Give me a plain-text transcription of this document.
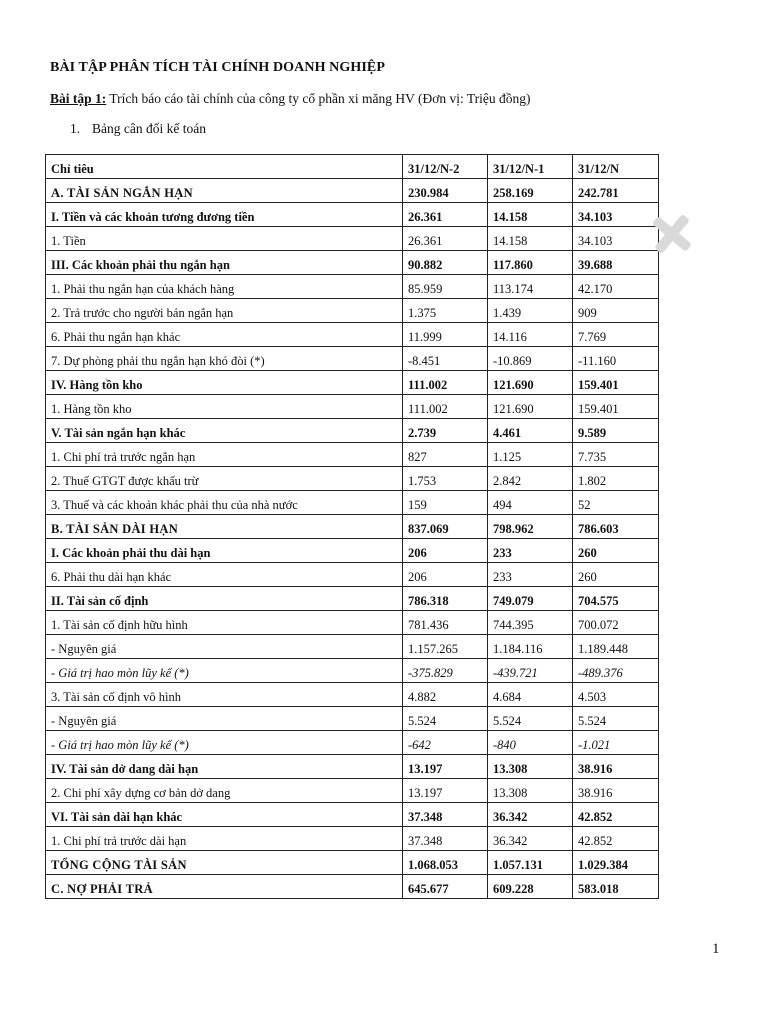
BÀI TẬP PHÂN TÍCH TÀI CHÍNH DOANH NGHIỆP
Bài tập 1: Trích báo cáo tài chính của công ty cổ phần xi măng HV (Đơn vị: Triệu đồng)
1. Bảng cân đối kế toán
Chỉ tiêu	31/12/N-2	31/12/N-1	31/12/N
A. TÀI SẢN NGẮN HẠN	230.984	258.169	242.781
I. Tiền và các khoản tương đương tiền	26.361	14.158	34.103
1. Tiền	26.361	14.158	34.103
III. Các khoản phải thu ngắn hạn	90.882	117.860	39.688
1. Phải thu ngắn hạn của khách hàng	85.959	113.174	42.170
2. Trả trước cho người bán ngắn hạn	1.375	1.439	909
6. Phải thu ngắn hạn khác	11.999	14.116	7.769
7. Dự phòng phải thu ngắn hạn khó đòi (*)	-8.451	-10.869	-11.160
IV. Hàng tồn kho	111.002	121.690	159.401
1. Hàng tồn kho	111.002	121.690	159.401
V. Tài sản ngắn hạn khác	2.739	4.461	9.589
1. Chi phí trả trước ngắn hạn	827	1.125	7.735
2. Thuế GTGT được khấu trừ	1.753	2.842	1.802
3. Thuế và các khoản khác phải thu của nhà nước	159	494	52
B. TÀI SẢN DÀI HẠN	837.069	798.962	786.603
I. Các khoản phải thu dài hạn	206	233	260
6. Phải thu dài hạn khác	206	233	260
II. Tài sản cố định	786.318	749.079	704.575
1. Tài sản cố định hữu hình	781.436	744.395	700.072
- Nguyên giá	1.157.265	1.184.116	1.189.448
- Giá trị hao mòn lũy kế (*)	-375.829	-439.721	-489.376
3. Tài sản cố định vô hình	4.882	4.684	4.503
- Nguyên giá	5.524	5.524	5.524
- Giá trị hao mòn lũy kế (*)	-642	-840	-1.021
IV. Tài sản dở dang dài hạn	13.197	13.308	38.916
2. Chi phí xây dựng cơ bản dở dang	13.197	13.308	38.916
VI. Tài sản dài hạn khác	37.348	36.342	42.852
1. Chi phí trả trước dài hạn	37.348	36.342	42.852
TỔNG CỘNG TÀI SẢN	1.068.053	1.057.131	1.029.384
C. NỢ PHẢI TRẢ	645.677	609.228	583.018
1
